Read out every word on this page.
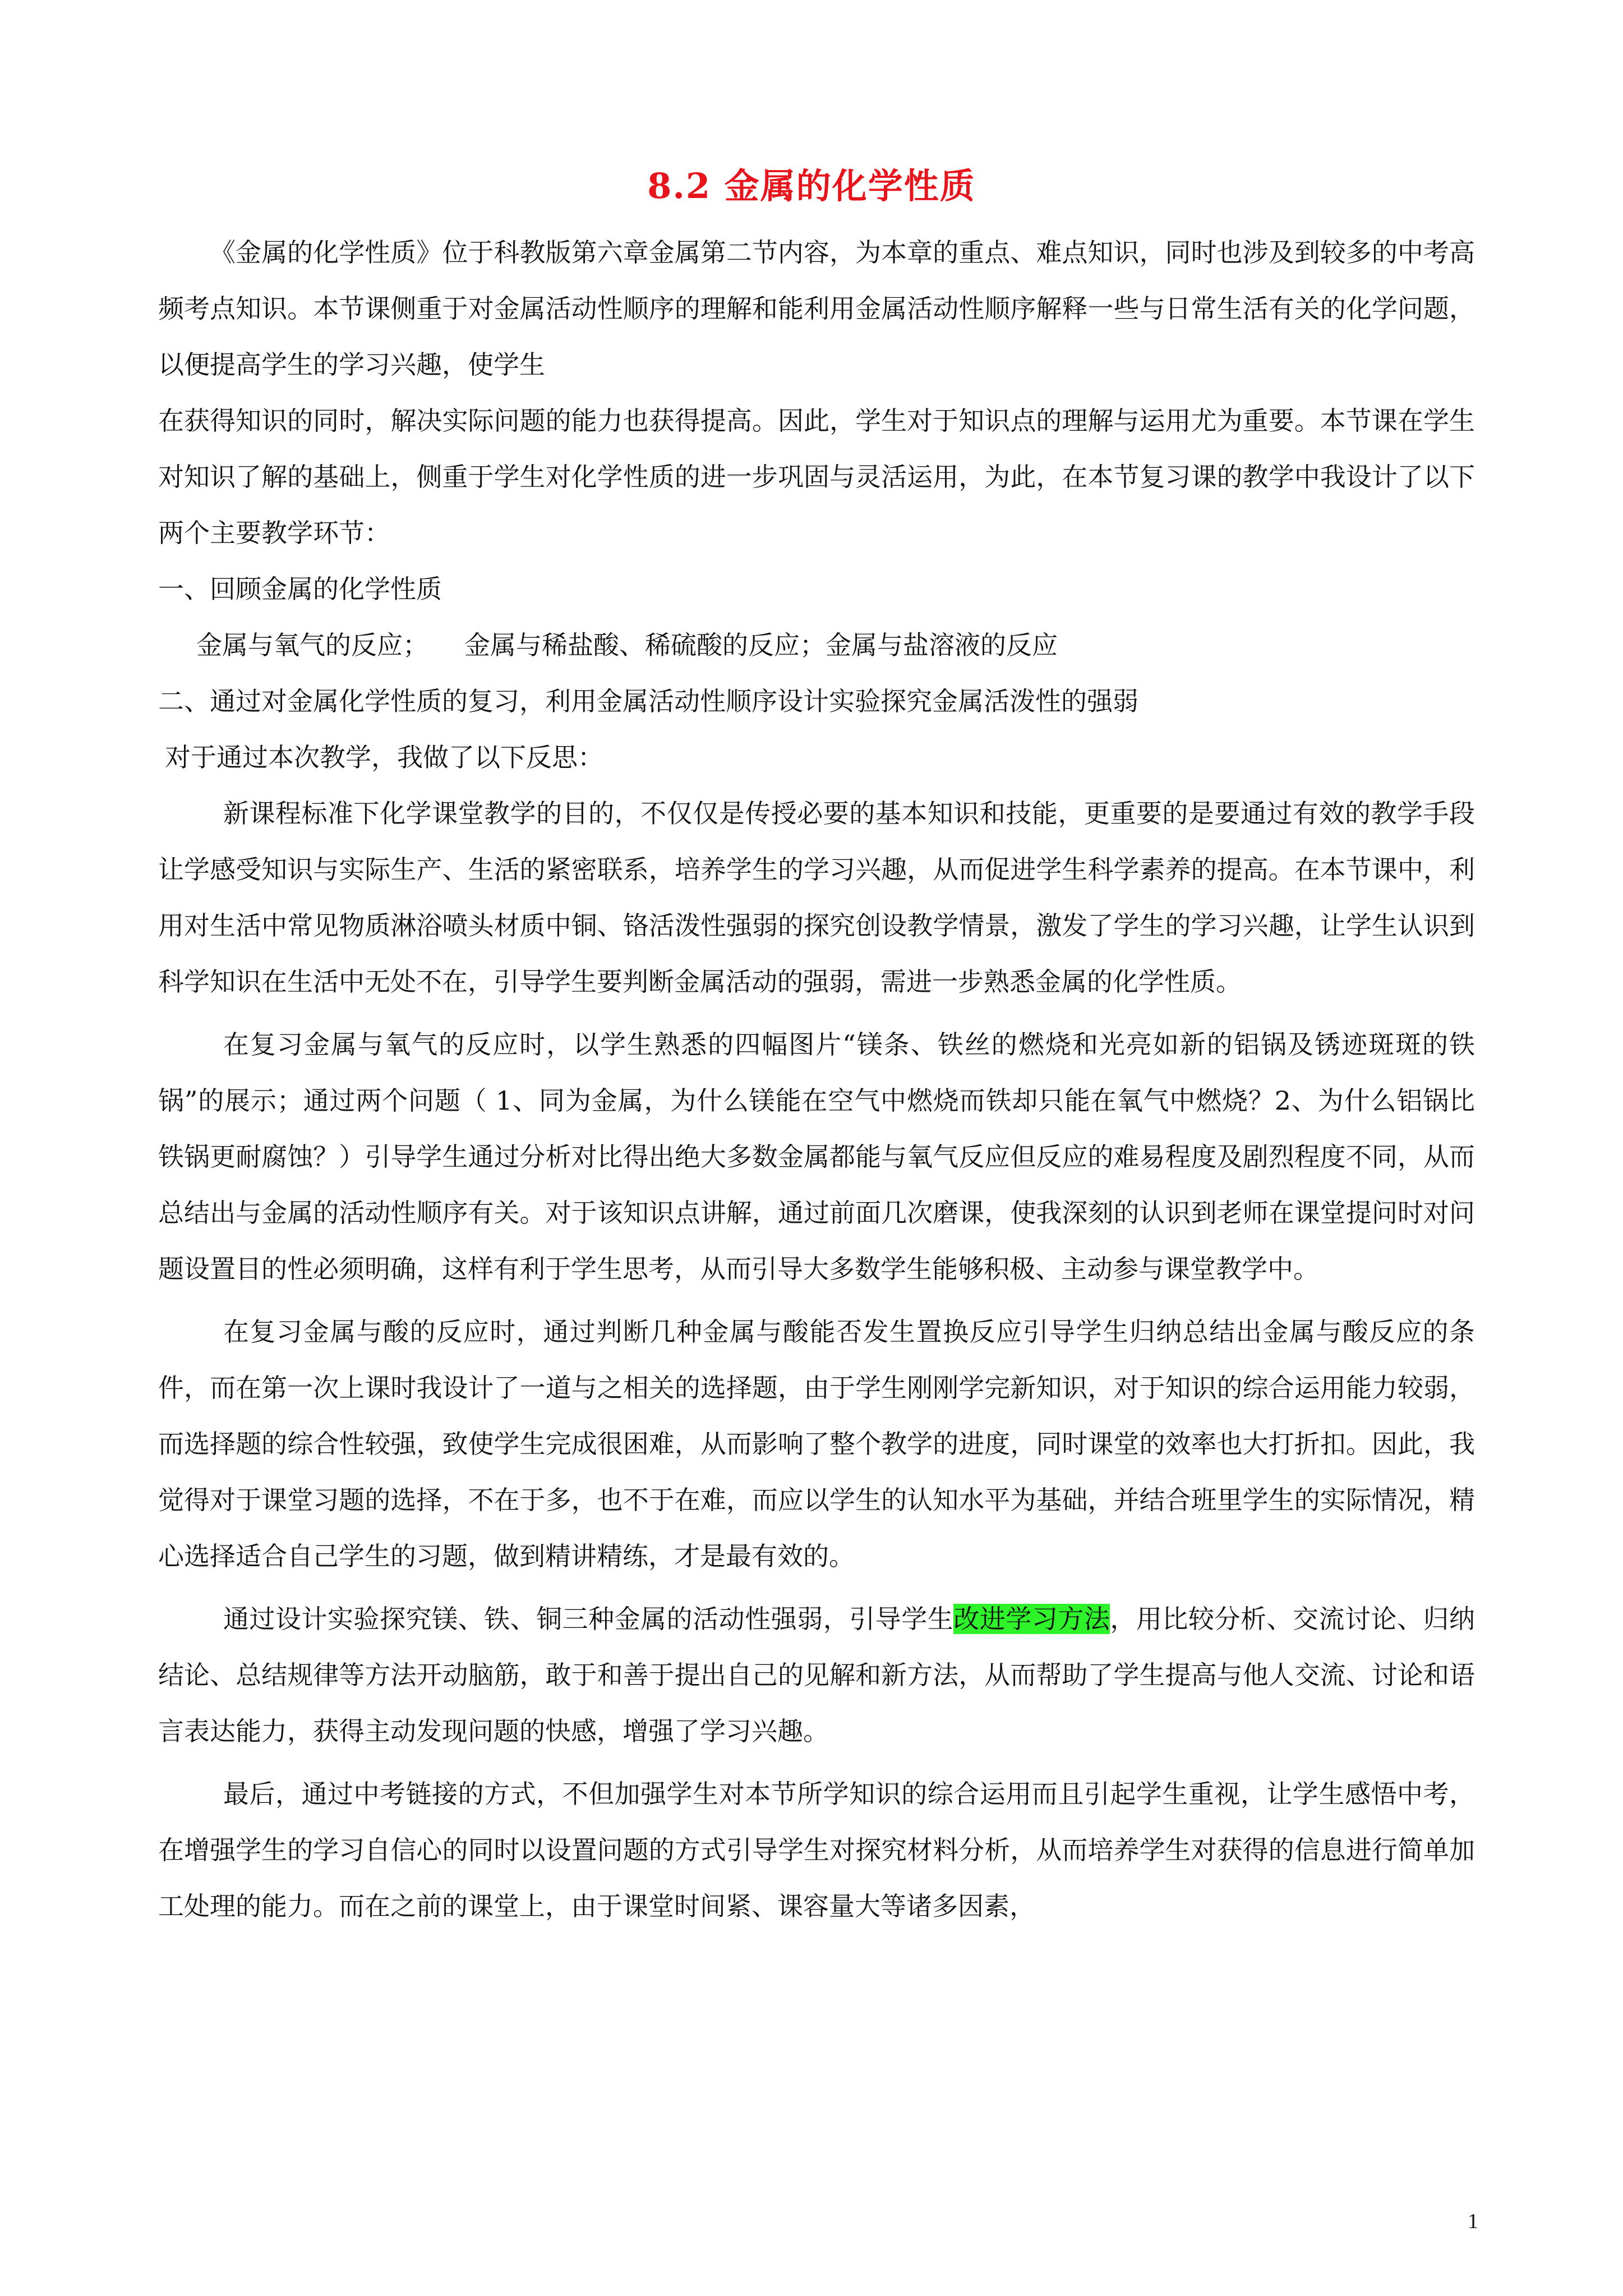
8.2 金属的化学性质

《金属的化学性质》位于科教版第六章金属第二节内容，为本章的重点、难点知识，同时也涉及到较多的中考高频考点知识。本节课侧重于对金属活动性顺序的理解和能利用金属活动性顺序解释一些与日常生活有关的化学问题，以便提高学生的学习兴趣，使学生

在获得知识的同时，解决实际问题的能力也获得提高。因此，学生对于知识点的理解与运用尤为重要。本节课在学生对知识了解的基础上，侧重于学生对化学性质的进一步巩固与灵活运用，为此，在本节复习课的教学中我设计了以下两个主要教学环节：

一、回顾金属的化学性质

金属与氧气的反应； 金属与稀盐酸、稀硫酸的反应；金属与盐溶液的反应

二、通过对金属化学性质的复习，利用金属活动性顺序设计实验探究金属活泼性的强弱

对于通过本次教学，我做了以下反思：

新课程标准下化学课堂教学的目的，不仅仅是传授必要的基本知识和技能，更重要的是要通过有效的教学手段让学感受知识与实际生产、生活的紧密联系，培养学生的学习兴趣，从而促进学生科学素养的提高。在本节课中，利用对生活中常见物质淋浴喷头材质中铜、铬活泼性强弱的探究创设教学情景，激发了学生的学习兴趣，让学生认识到科学知识在生活中无处不在，引导学生要判断金属活动的强弱，需进一步熟悉金属的化学性质。

在复习金属与氧气的反应时，以学生熟悉的四幅图片“镁条、铁丝的燃烧和光亮如新的铝锅及锈迹斑斑的铁锅”的展示；通过两个问题（ 1、同为金属，为什么镁能在空气中燃烧而铁却只能在氧气中燃烧？2、为什么铝锅比铁锅更耐腐蚀？）引导学生通过分析对比得出绝大多数金属都能与氧气反应但反应的难易程度及剧烈程度不同，从而总结出与金属的活动性顺序有关。对于该知识点讲解，通过前面几次磨课，使我深刻的认识到老师在课堂提问时对问题设置目的性必须明确，这样有利于学生思考，从而引导大多数学生能够积极、主动参与课堂教学中。

在复习金属与酸的反应时，通过判断几种金属与酸能否发生置换反应引导学生归纳总结出金属与酸反应的条件，而在第一次上课时我设计了一道与之相关的选择题，由于学生刚刚学完新知识，对于知识的综合运用能力较弱，而选择题的综合性较强，致使学生完成很困难，从而影响了整个教学的进度，同时课堂的效率也大打折扣。因此，我觉得对于课堂习题的选择，不在于多，也不于在难，而应以学生的认知水平为基础，并结合班里学生的实际情况，精心选择适合自己学生的习题，做到精讲精练，才是最有效的。

通过设计实验探究镁、铁、铜三种金属的活动性强弱，引导学生改进学习方法，用比较分析、交流讨论、归纳结论、总结规律等方法开动脑筋，敢于和善于提出自己的见解和新方法，从而帮助了学生提高与他人交流、讨论和语言表达能力，获得主动发现问题的快感，增强了学习兴趣。

最后，通过中考链接的方式，不但加强学生对本节所学知识的综合运用而且引起学生重视，让学生感悟中考，在增强学生的学习自信心的同时以设置问题的方式引导学生对探究材料分析，从而培养学生对获得的信息进行简单加工处理的能力。而在之前的课堂上，由于课堂时间紧、课容量大等诸多因素，

1
